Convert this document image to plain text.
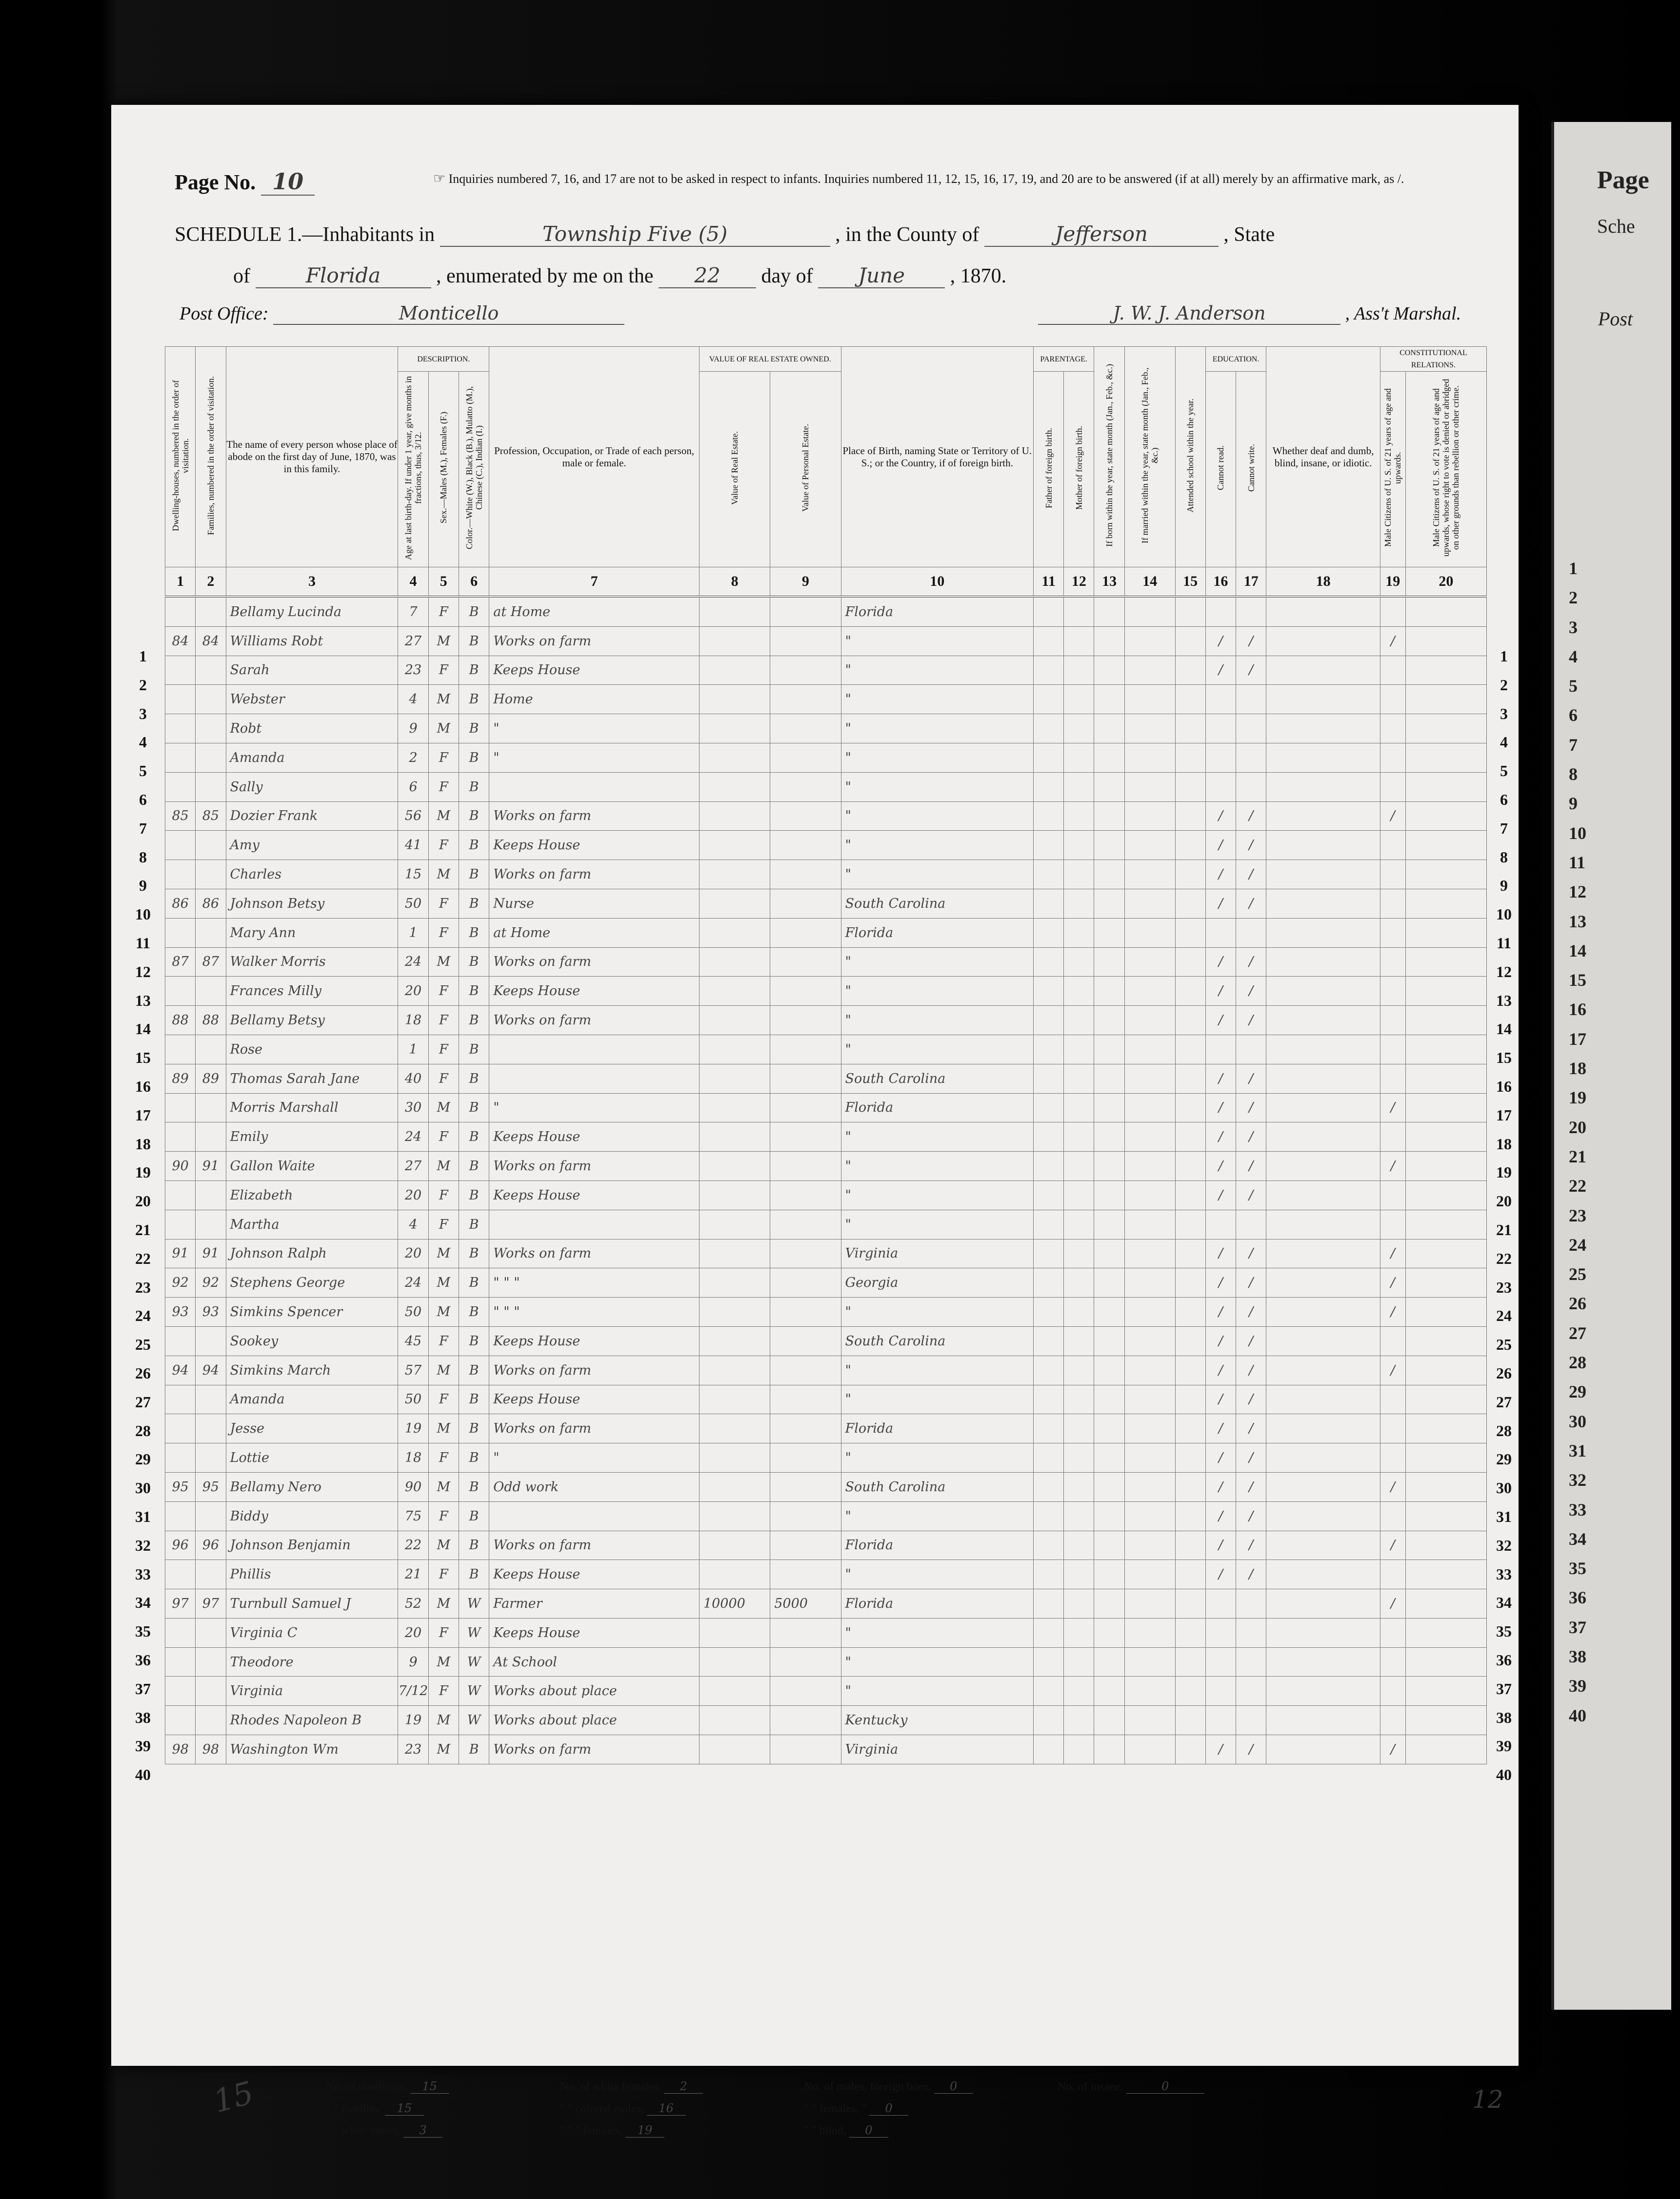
Page
Sche
Post
1
2
3
4
5
6
7
8
9
10
11
12
13
14
15
16
17
18
19
20
21
22
23
24
25
26
27
28
29
30
31
32
33
34
35
36
37
38
39
40
Page No. 10	☞ Inquiries numbered 7, 16, and 17 are not to be asked in respect to infants. Inquiries numbered 11, 12, 15, 16, 17, 19, and 20 are to be answered (if at all) merely by an affirmative mark, as /.
SCHEDULE 1.—Inhabitants in	Township Five (5)	, in the County of	Jefferson	, State
of	Florida	, enumerated by me on the 22 day of June , 1870.
Post Office:	Monticello	J. W. J. Anderson	, Ass't Marshal.
Dwelling-houses, numbered in the order of visitation.	Families, numbered in the order of visitation.	The name of every person whose place of abode on the first day of June, 1870, was in this family.	DESCRIPTION.			Profession, Occupation, or Trade of each person, male or female.	VALUE OF REAL ESTATE OWNED.		Place of Birth, naming State or Territory of U. S.; or the Country, if of foreign birth.	PARENTAGE.		If born within the year, state month (Jan., Feb., &c.)	If married within the year, state month (Jan., Feb., &c.)	Attended school within the year.	EDUCATION.		Whether deaf and dumb, blind, insane, or idiotic.	CONSTITUTIONAL RELATIONS.	
			Age at last birth-day. If under 1 year, give months in fractions, thus, 3/12.	Sex.—Males (M.), Females (F.)	Color.—White (W.), Black (B.), Mulatto (M.), Chinese (C.), Indian (I.)		Value of Real Estate.	Value of Personal Estate.		Father of foreign birth.	Mother of foreign birth.				Cannot read.	Cannot write.		Male Citizens of U. S. of 21 years of age and upwards.	Male Citizens of U. S. of 21 years of age and upwards, whose right to vote is denied or abridged on other grounds than rebellion or other crime.
1	2	3	4	5	6	7	8	9	10	11	12	13	14	15	16	17	18	19	20
		Bellamy Lucinda	7	F	B	at Home			Florida										
84	84	Williams Robt	27	M	B	Works on farm			"						/	/		/	
		Sarah	23	F	B	Keeps House			"						/	/			
		Webster	4	M	B	Home			"										
		Robt	9	M	B	"			"										
		Amanda	2	F	B	"			"										
		Sally	6	F	B				"										
85	85	Dozier Frank	56	M	B	Works on farm			"						/	/		/	
		Amy	41	F	B	Keeps House			"						/	/			
		Charles	15	M	B	Works on farm			"						/	/			
86	86	Johnson Betsy	50	F	B	Nurse			South Carolina						/	/			
		Mary Ann	1	F	B	at Home			Florida										
87	87	Walker Morris	24	M	B	Works on farm			"						/	/			
		Frances Milly	20	F	B	Keeps House			"						/	/			
88	88	Bellamy Betsy	18	F	B	Works on farm			"						/	/			
		Rose	1	F	B				"										
89	89	Thomas Sarah Jane	40	F	B				South Carolina						/	/			
		Morris Marshall	30	M	B	"			Florida						/	/		/	
		Emily	24	F	B	Keeps House			"						/	/			
90	91	Gallon Waite	27	M	B	Works on farm			"						/	/		/	
		Elizabeth	20	F	B	Keeps House			"						/	/			
		Martha	4	F	B				"										
91	91	Johnson Ralph	20	M	B	Works on farm			Virginia						/	/		/	
92	92	Stephens George	24	M	B	" " "			Georgia						/	/		/	
93	93	Simkins Spencer	50	M	B	" " "			"						/	/		/	
		Sookey	45	F	B	Keeps House			South Carolina						/	/			
94	94	Simkins March	57	M	B	Works on farm			"						/	/		/	
		Amanda	50	F	B	Keeps House			"						/	/			
		Jesse	19	M	B	Works on farm			Florida						/	/			
		Lottie	18	F	B	"			"						/	/			
95	95	Bellamy Nero	90	M	B	Odd work			South Carolina						/	/		/	
		Biddy	75	F	B				"						/	/			
96	96	Johnson Benjamin	22	M	B	Works on farm			Florida						/	/		/	
		Phillis	21	F	B	Keeps House			"						/	/			
97	97	Turnbull Samuel J	52	M	W	Farmer	10000	5000	Florida									/	
		Virginia C	20	F	W	Keeps House			"										
		Theodore	9	M	W	At School			"										
		Virginia	7/12	F	W	Works about place			"										
		Rhodes Napoleon B	19	M	W	Works about place			Kentucky										
98	98	Washington Wm	23	M	B	Works on farm			Virginia						/	/		/	
1
2
3
4
5
6
7
8
9
10
11
12
13
14
15
16
17
18
19
20
21
22
23
24
25
26
27
28
29
30
31
32
33
34
35
36
37
38
39
40
1
2
3
4
5
6
7
8
9
10
11
12
13
14
15
16
17
18
19
20
21
22
23
24
25
26
27
28
29
30
31
32
33
34
35
36
37
38
39
40
15	No. of dwellings, 15
" " families, 15
" " white males, 3
No. of white females, 2
" " colored males, 16
" " " females, 19
No. of males, foreign born, 0
" " females, " 0
" " blind, 0
No. of insane,	0	12
